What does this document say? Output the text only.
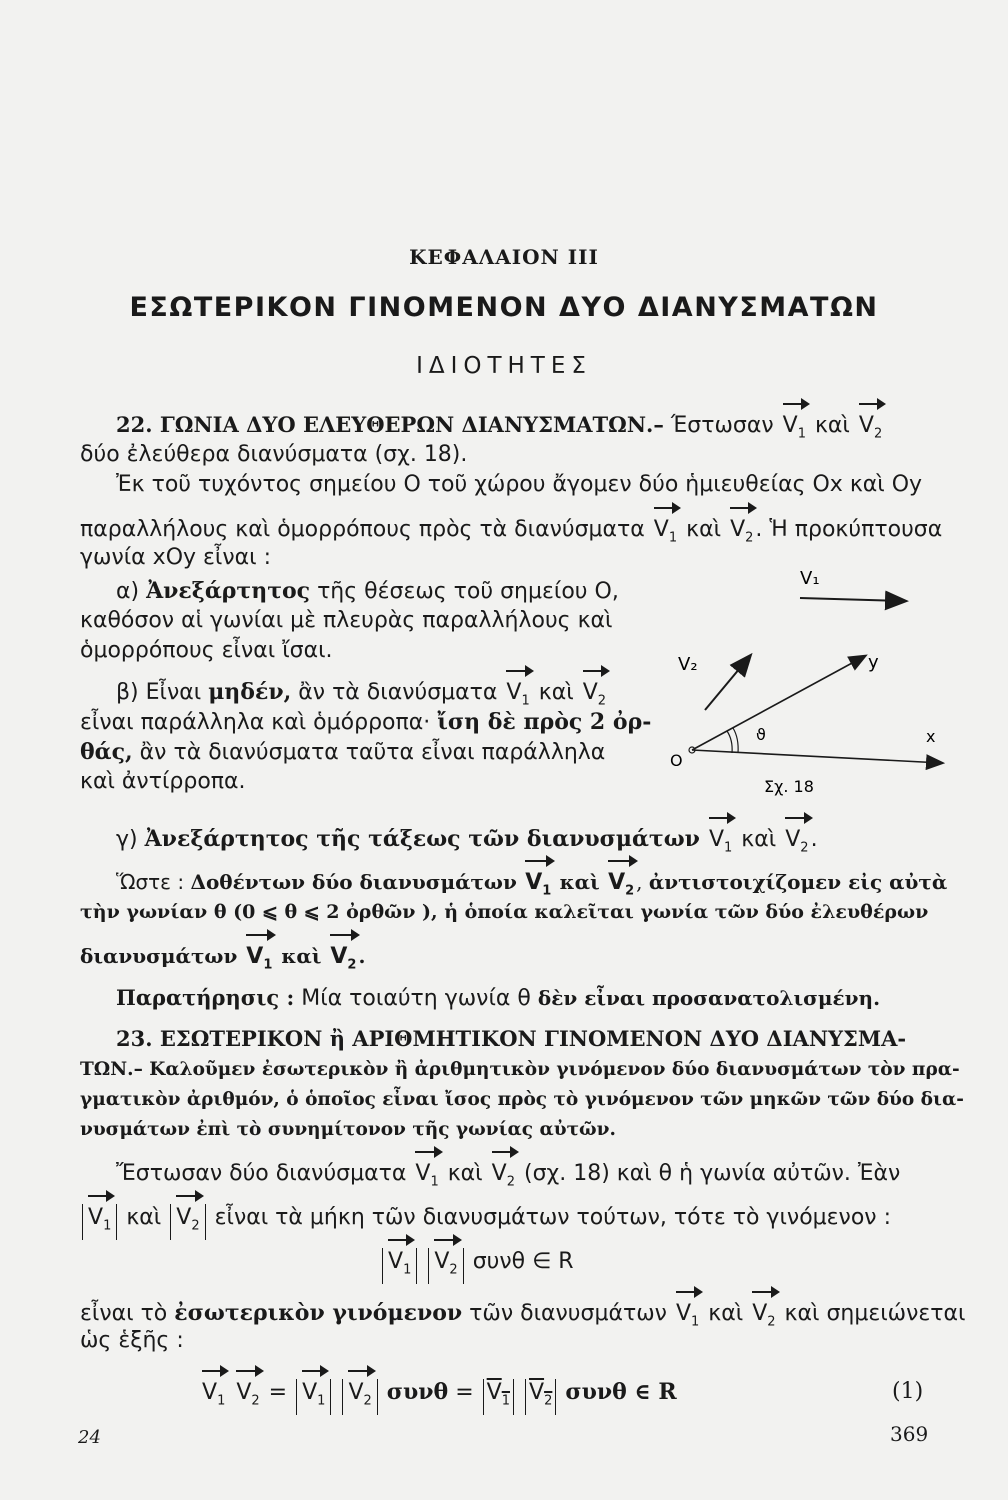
ΚΕΦΑΛΑΙΟΝ III
ΕΣΩΤΕΡΙΚΟΝ ΓΙΝΟΜΕΝΟΝ ΔΥΟ ΔΙΑΝΥΣΜΑΤΩΝ
ΙΔΙΟΤΗΤΕΣ
22. ΓΩΝΙΑ ΔΥΟ ΕΛΕΥΘΕΡΩΝ ΔΙΑΝΥΣΜΑΤΩΝ.– Έστωσαν $V_1$ καὶ $V_2$
δύο ἐλεύθερα διανύσματα (σχ. 18).
Ἐκ τοῦ τυχόντος σημείου Ο τοῦ χώρου ἄγομεν δύο ἡμιευθείας Οx καὶ Οy
παραλλήλους καὶ ὁμορρόπους πρὸς τὰ διανύσματα $V_1$ καὶ $V_2$. Ἡ προκύπτουσα
γωνία xΟy εἶναι :
α) Ἀνεξάρτητος τῆς θέσεως τοῦ σημείου Ο,
καθόσον αἱ γωνίαι μὲ πλευρὰς παραλλήλους καὶ
ὁμορρόπους εἶναι ἴσαι.
β) Εἶναι μηδέν, ἂν τὰ διανύσματα $V_1$ καὶ $V_2$
εἶναι παράλληλα καὶ ὁμόρροπα· ἴση δὲ πρὸς 2 ὀρ-
θάς, ἂν τὰ διανύσματα ταῦτα εἶναι παράλληλα
καὶ ἀντίρροπα.
V₁
V₂	y
x
O
ϑ
Σχ. 18
γ) Ἀνεξάρτητος τῆς τάξεως τῶν διανυσμάτων $V_1$ καὶ $V_2$.
Ὥστε : Δοθέντων δύο διανυσμάτων $V_1$ καὶ $V_2$ , ἀντιστοιχίζομεν εἰς αὐτὰ
τὴν γωνίαν θ (0 ⩽ θ ⩽ 2 ὀρθῶν ), ἡ ὁποία καλεῖται γωνία τῶν δύο ἐλευθέρων
διανυσμάτων $V_1$ καὶ $V_2$ .
Παρατήρησις : Μία τοιαύτη γωνία θ δὲν εἶναι προσανατολισμένη.
23. ΕΣΩΤΕΡΙΚΟΝ ἢ ΑΡΙΘΜΗΤΙΚΟΝ ΓΙΝΟΜΕΝΟΝ ΔΥΟ ΔΙΑΝΥΣΜΑ-
ΤΩΝ.– Καλοῦμεν ἐσωτερικὸν ἢ ἀριθμητικὸν γινόμενον δύο διανυσμάτων τὸν πρα-
γματικὸν ἀριθμόν, ὁ ὁποῖος εἶναι ἴσος πρὸς τὸ γινόμενον τῶν μηκῶν τῶν δύο δια-
νυσμάτων ἐπὶ τὸ συνημίτονον τῆς γωνίας αὐτῶν.
Ἔστωσαν δύο διανύσματα $V_1$ καὶ $V_2$ (σχ. 18) καὶ θ ἡ γωνία αὐτῶν. Ἐὰν
$V_1$ καὶ $V_2$ εἶναι τὰ μήκη τῶν διανυσμάτων τούτων, τότε τὸ γινόμενον :
$V_1$ $V_2$ συνθ ∈ R
εἶναι τὸ ἐσωτερικὸν γινόμενον τῶν διανυσμάτων $V_1$ καὶ $V_2$ καὶ σημειώνεται
ὡς ἑξῆς :
$V_1$ $V_2 = V_1$ $V_2$ $\sigma\upsilon\nu\theta = V_1$ $V_2$ συνθ ∈ R	(1)
24	369
